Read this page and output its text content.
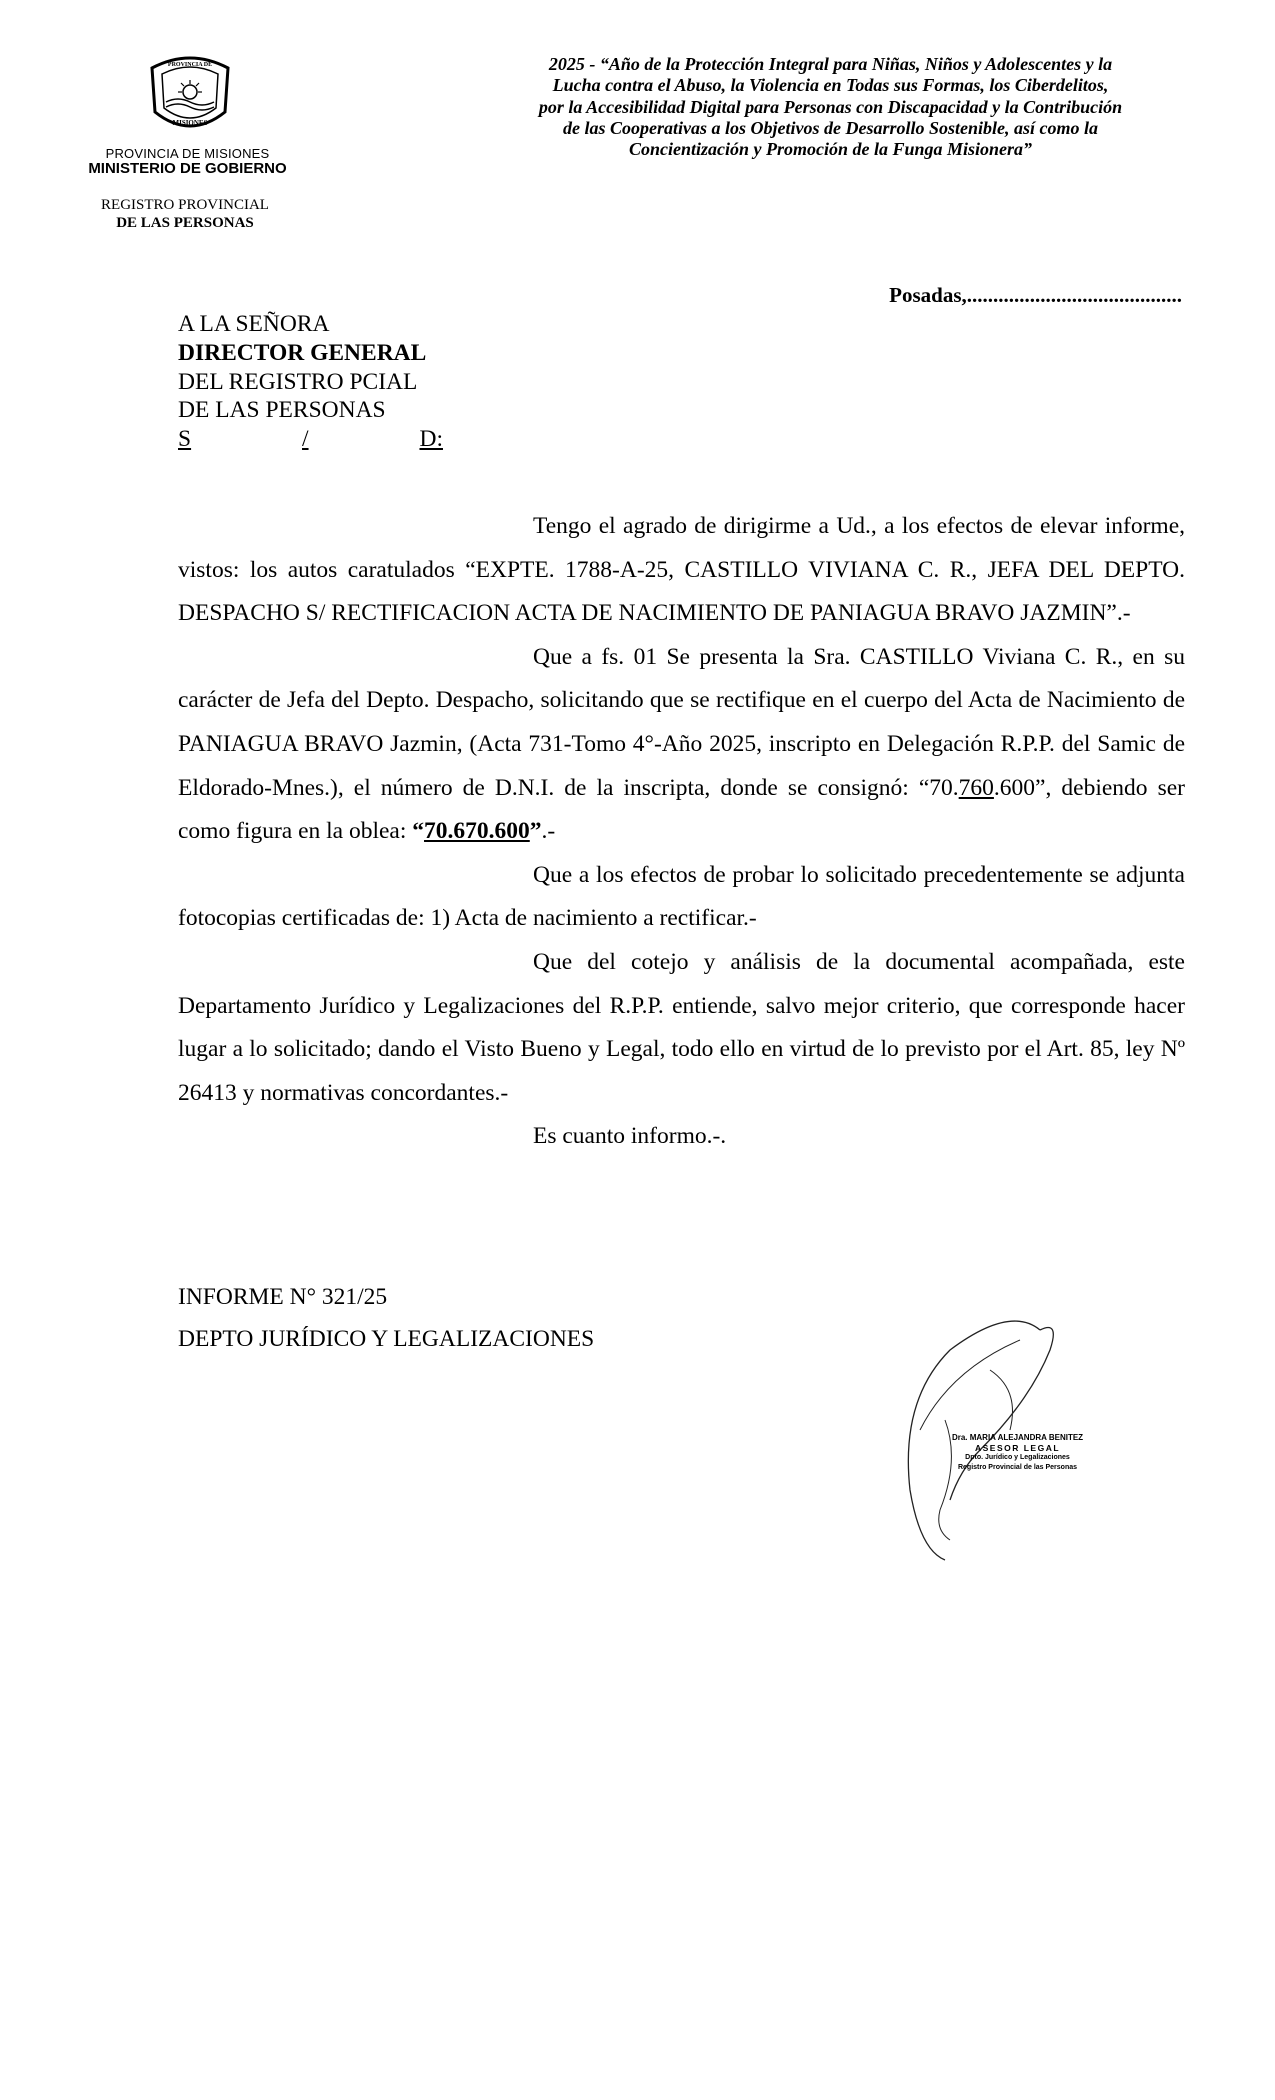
PROVINCIA DE
MISIONES
PROVINCIA DE MISIONES
MINISTERIO DE GOBIERNO
REGISTRO PROVINCIAL
DE LAS PERSONAS
2025 - “Año de la Protección Integral para Niñas, Niños y Adolescentes y la
Lucha contra el Abuso, la Violencia en Todas sus Formas, los Ciberdelitos,
por la Accesibilidad Digital para Personas con Discapacidad y la Contribución
de las Cooperativas a los Objetivos de Desarrollo Sostenible, así como la
Concientización y Promoción de la Funga Misionera”
Posadas,.........................................
A LA SEÑORA
DIRECTOR GENERAL
DEL REGISTRO PCIAL
DE LAS PERSONAS
S	/	D:

Tengo el agrado de dirigirme a Ud., a los efectos de elevar informe, vistos: los autos caratulados “EXPTE. 1788-A-25, CASTILLO VIVIANA C. R., JEFA DEL DEPTO. DESPACHO S/ RECTIFICACION ACTA DE NACIMIENTO DE PANIAGUA BRAVO JAZMIN”.-

Que a fs. 01 Se presenta la Sra. CASTILLO Viviana C. R., en su carácter de Jefa del Depto. Despacho, solicitando que se rectifique en el cuerpo del Acta de Nacimiento de PANIAGUA BRAVO Jazmin, (Acta 731-Tomo 4°-Año 2025, inscripto en Delegación R.P.P. del Samic de Eldorado-Mnes.), el número de D.N.I. de la inscripta, donde se consignó: “70.760.600”, debiendo ser como figura en la oblea: “70.670.600”.-

Que a los efectos de probar lo solicitado precedentemente se adjunta fotocopias certificadas de: 1) Acta de nacimiento a rectificar.-

Que del cotejo y análisis de la documental acompañada, este Departamento Jurídico y Legalizaciones del R.P.P. entiende, salvo mejor criterio, que corresponde hacer lugar a lo solicitado; dando el Visto Bueno y Legal, todo ello en virtud de lo previsto por el Art. 85, ley Nº 26413 y normativas concordantes.-

Es cuanto informo.-.

INFORME N° 321/25
DEPTO JURÍDICO Y LEGALIZACIONES
Dra. MARIA ALEJANDRA BENITEZ
ASESOR LEGAL
Dpto. Jurídico y Legalizaciones
Registro Provincial de las Personas
